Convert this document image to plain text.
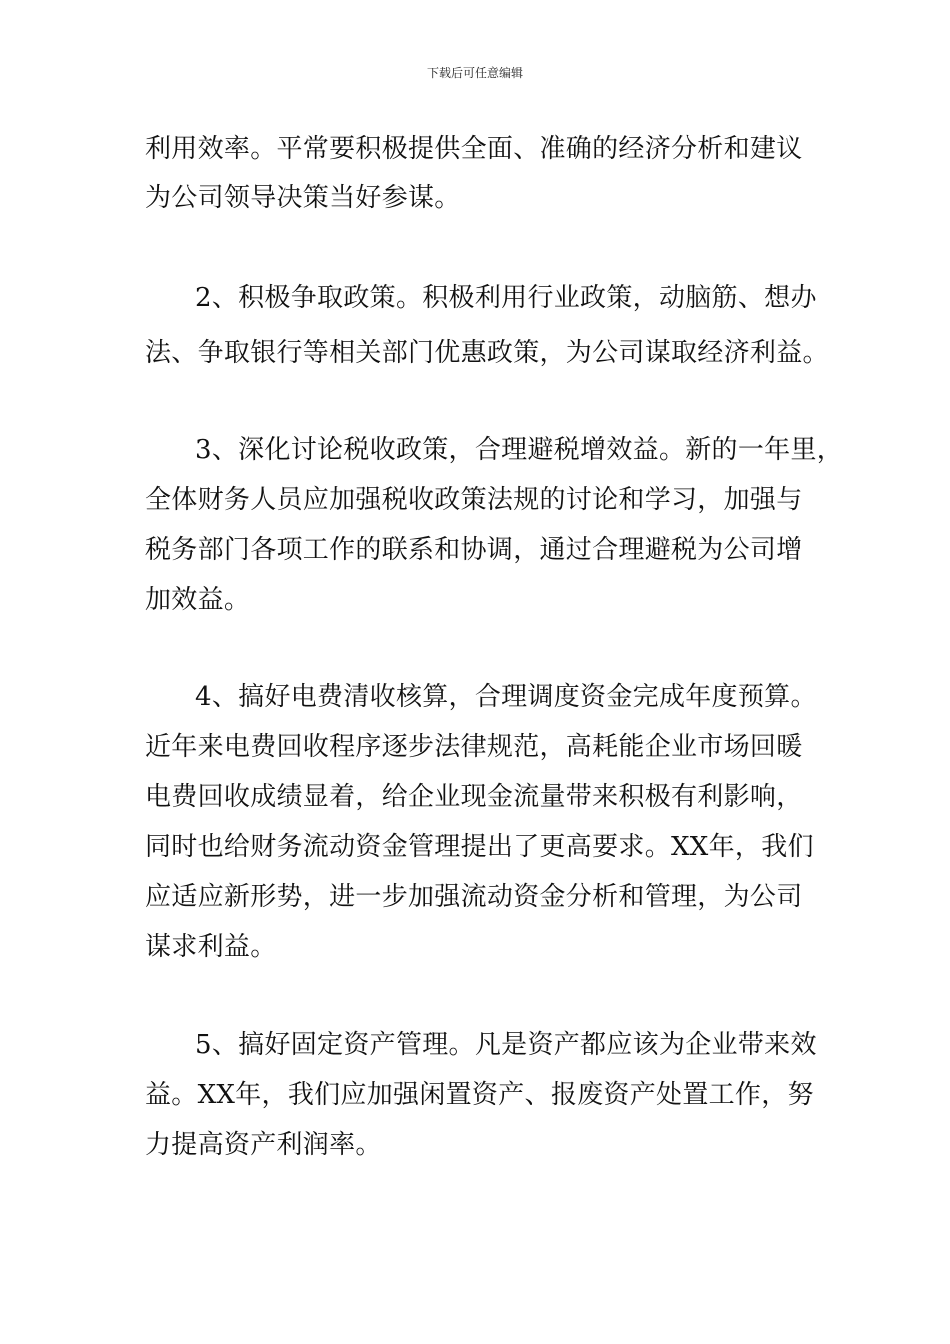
下载后可任意编辑
利用效率。平常要积极提供全面、准确的经济分析和建议
为公司领导决策当好参谋。
2、积极争取政策。积极利用行业政策，动脑筋、想办
法、争取银行等相关部门优惠政策，为公司谋取经济利益。
3、深化讨论税收政策，合理避税增效益。新的一年里，
全体财务人员应加强税收政策法规的讨论和学习，加强与
税务部门各项工作的联系和协调，通过合理避税为公司增
加效益。
4、搞好电费清收核算，合理调度资金完成年度预算。
近年来电费回收程序逐步法律规范，高耗能企业市场回暖
电费回收成绩显着，给企业现金流量带来积极有利影响，
同时也给财务流动资金管理提出了更高要求。XX年，我们
应适应新形势，进一步加强流动资金分析和管理，为公司
谋求利益。
5、搞好固定资产管理。凡是资产都应该为企业带来效
益。XX年，我们应加强闲置资产、报废资产处置工作，努
力提高资产利润率。
